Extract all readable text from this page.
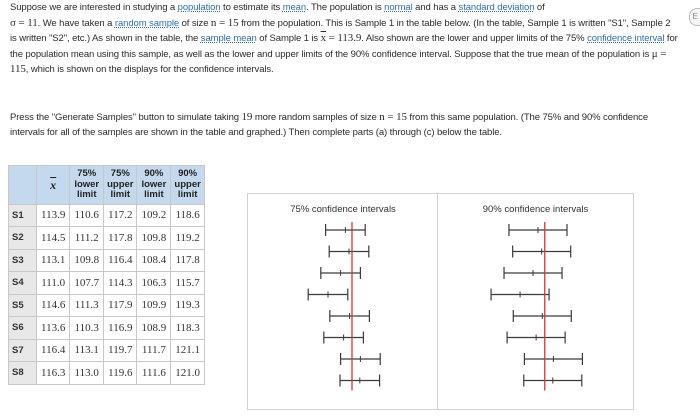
Suppose we are interested in studying a population to estimate its mean. The population is normal and has a standard deviation of
σ = 11. We have taken a random sample of size n = 15 from the population. This is Sample 1 in the table below. (In the table, Sample 1 is written "S1", Sample 2 is written "S2", etc.) As shown in the table, the sample mean of Sample 1 is $\overline{x} = 113.9$. Also shown are the lower and upper limits of the 75% confidence interval for the population mean using this sample, as well as the lower and upper limits of the 90% confidence interval. Suppose that the true mean of the population is μ = 115, which is shown on the displays for the confidence intervals.
Press the "Generate Samples" button to simulate taking 19 more random samples of size n = 15 from this same population. (The 75% and 90% confidence intervals for all of the samples are shown in the table and graphed.) Then complete parts (a) through (c) below the table.
E
	$\overline{x}$	75%
lower
limit	75%
upper
limit	90%
lower
limit	90%
upper
limit
S1	113.9	110.6	117.2	109.2	118.6
S2	114.5	111.2	117.8	109.8	119.2
S3	113.1	109.8	116.4	108.4	117.8
S4	111.0	107.7	114.3	106.3	115.7
S5	114.6	111.3	117.9	109.9	119.3
S6	113.6	110.3	116.9	108.9	118.3
S7	116.4	113.1	119.7	111.7	121.1
S8	116.3	113.0	119.6	111.6	121.0
75% confidence intervals	90% confidence intervals
